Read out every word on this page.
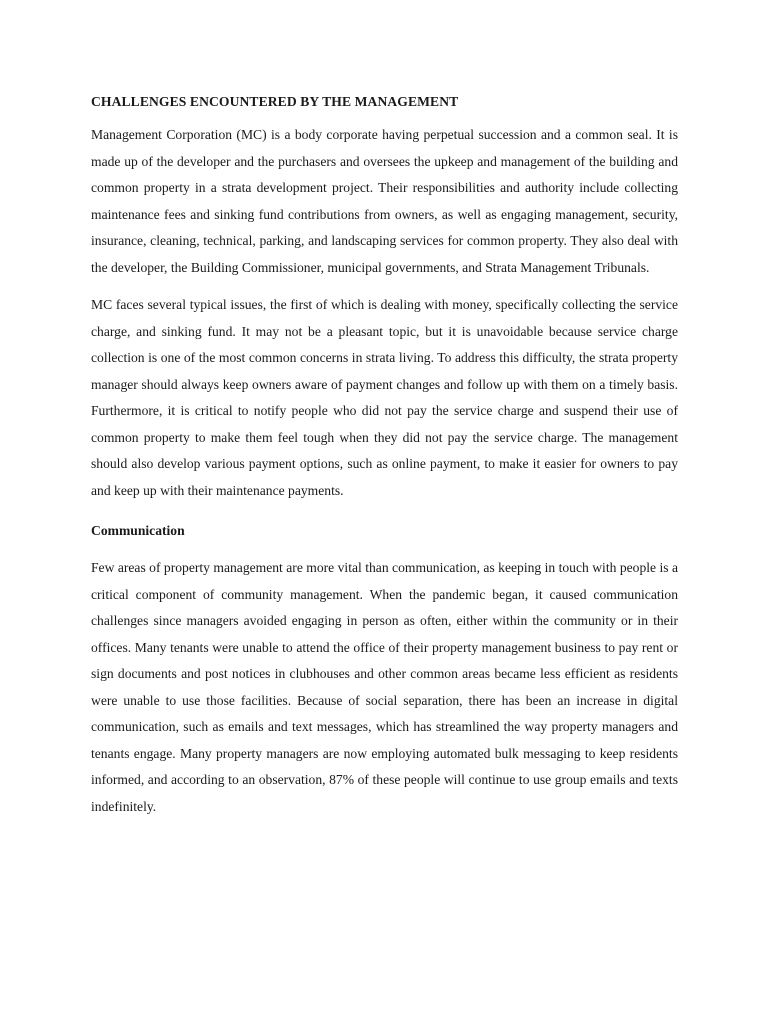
CHALLENGES ENCOUNTERED BY THE MANAGEMENT

Management Corporation (MC) is a body corporate having perpetual succession and a common seal. It is made up of the developer and the purchasers and oversees the upkeep and management of the building and common property in a strata development project. Their responsibilities and authority include collecting maintenance fees and sinking fund contributions from owners, as well as engaging management, security, insurance, cleaning, technical, parking, and landscaping services for common property. They also deal with the developer, the Building Commissioner, municipal governments, and Strata Management Tribunals.

MC faces several typical issues, the first of which is dealing with money, specifically collecting the service charge, and sinking fund. It may not be a pleasant topic, but it is unavoidable because service charge collection is one of the most common concerns in strata living. To address this difficulty, the strata property manager should always keep owners aware of payment changes and follow up with them on a timely basis. Furthermore, it is critical to notify people who did not pay the service charge and suspend their use of common property to make them feel tough when they did not pay the service charge. The management should also develop various payment options, such as online payment, to make it easier for owners to pay and keep up with their maintenance payments.

Communication

Few areas of property management are more vital than communication, as keeping in touch with people is a critical component of community management. When the pandemic began, it caused communication challenges since managers avoided engaging in person as often, either within the community or in their offices. Many tenants were unable to attend the office of their property management business to pay rent or sign documents and post notices in clubhouses and other common areas became less efficient as residents were unable to use those facilities. Because of social separation, there has been an increase in digital communication, such as emails and text messages, which has streamlined the way property managers and tenants engage. Many property managers are now employing automated bulk messaging to keep residents informed, and according to an observation, 87% of these people will continue to use group emails and texts indefinitely.
